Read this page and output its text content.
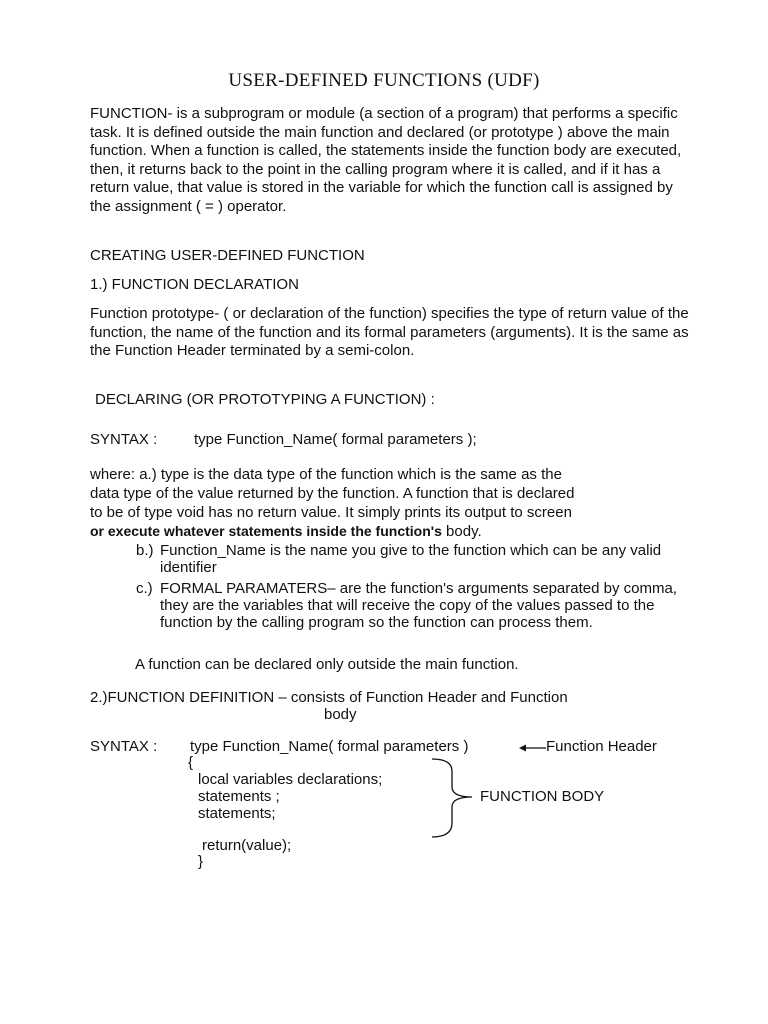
USER-DEFINED FUNCTIONS (UDF)

FUNCTION- is a subprogram or module (a section of a program) that performs a specific task. It is defined outside the main function and declared (or prototype ) above the main function. When a function is called, the statements inside the function body are executed, then, it returns back to the point in the calling program where it is called, and if it has a return value, that value is stored in the variable for which the function call is assigned by the assignment ( = ) operator.

CREATING USER-DEFINED FUNCTION
1.) FUNCTION DECLARATION

Function prototype- ( or declaration of the function) specifies the type of return value of the function, the name of the function and its formal parameters (arguments). It is the same as the Function Header terminated by a semi-colon.

DECLARING (OR PROTOTYPING A FUNCTION) :
SYNTAX : type Function_Name( formal parameters );
where: a.) type is the data type of the function which is the same as the
data type of the value returned by the function. A function that is declared
to be of type void has no return value. It simply prints its output to screen
or execute whatever statements inside the function's body.
b.) Function_Name is the name you give to the function which can be any valid identifier
c.) FORMAL PARAMATERS– are the function's arguments separated by comma, they are the variables that will receive the copy of the values passed to the function by the calling program so the function can process them.
A function can be declared only outside the main function.
2.)FUNCTION DEFINITION – consists of Function Header and Function
body
SYNTAX : type Function_Name( formal parameters )	Function Header
{
local variables declarations;
statements ;
statements;
return(value);
}
FUNCTION BODY
